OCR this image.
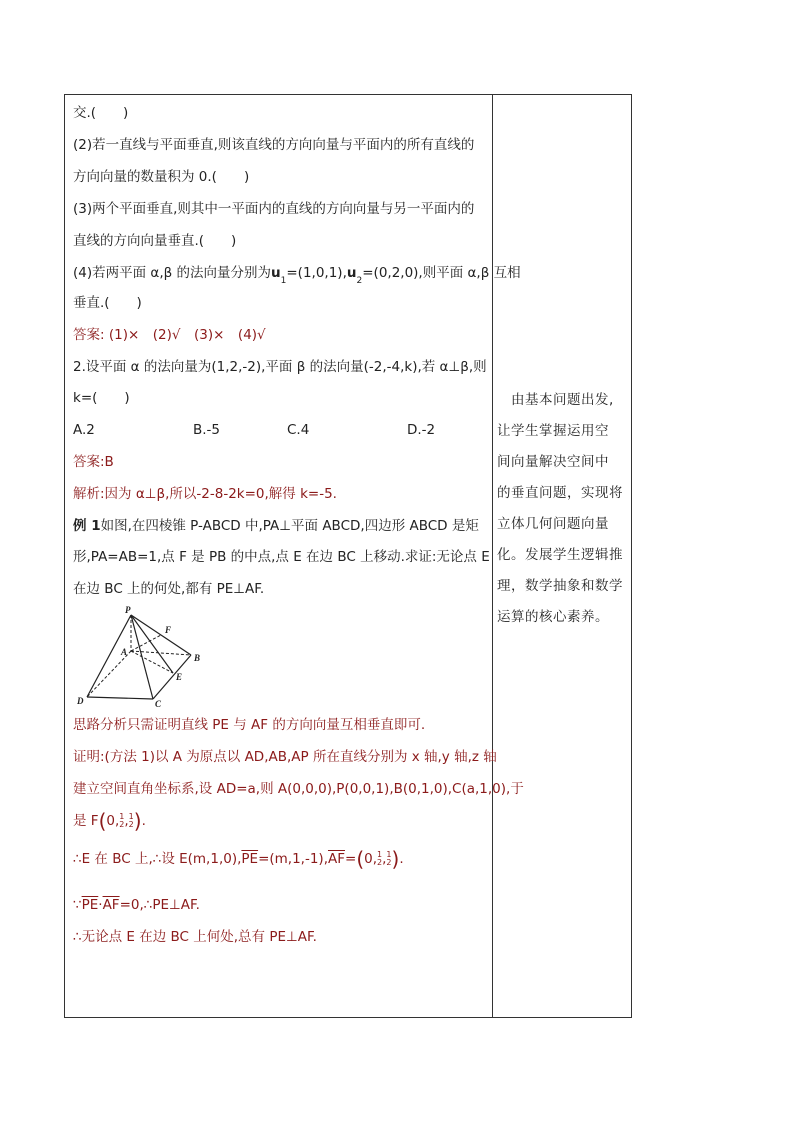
交.(　　)
(2)若一直线与平面垂直,则该直线的方向向量与平面内的所有直线的
方向向量的数量积为 0.(　　)
(3)两个平面垂直,则其中一平面内的直线的方向向量与另一平面内的
直线的方向向量垂直.(　　)
(4)若两平面 α,β 的法向量分别为$u_1=(1,0,1),u_2=(0,2,0)$,则平面 α,β 互相
垂直.(　　)
答案: (1)×　(2)√　(3)×　(4)√
2.设平面 α 的法向量为(1,2,-2),平面 β 的法向量(-2,-4,k),若 α⊥β,则
k=(　　)
A.2	B.-5	C.4	D.-2
答案:B
解析:因为 α⊥β,所以-2-8-2k=0,解得 k=-5.
例 1如图,在四棱锥 P-ABCD 中,PA⊥平面 ABCD,四边形 ABCD 是矩
形,PA=AB=1,点 F 是 PB 的中点,点 E 在边 BC 上移动.求证:无论点 E
在边 BC 上的何处,都有 PE⊥AF.
P
F
A
B
E
D	C
思路分析只需证明直线 PE 与 AF 的方向向量互相垂直即可.
证明:(方法 1)以 A 为原点以 AD,AB,AP 所在直线分别为 x 轴,y 轴,z 轴
建立空间直角坐标系,设 AD=a,则 A(0,0,0),P(0,0,1),B(0,1,0),C(a,1,0),于
是 F(0,1
2,1
2).
∴E 在 BC 上,∴设 $E(m,1,0),\overline{PE}=(m,1,-1),\overline{AF}=(0,1$
2,1
2).
$\because\overline{PE}\cdot\overline{AF}=0,\therefore PE\perp AF$.
∴无论点 E 在边 BC 上何处,总有 PE⊥AF.
　由基本问题出发,
让学生掌握运用空
间向量解决空间中
的垂直问题，实现将
立体几何问题向量
化。发展学生逻辑推
理，数学抽象和数学
运算的核心素养。
